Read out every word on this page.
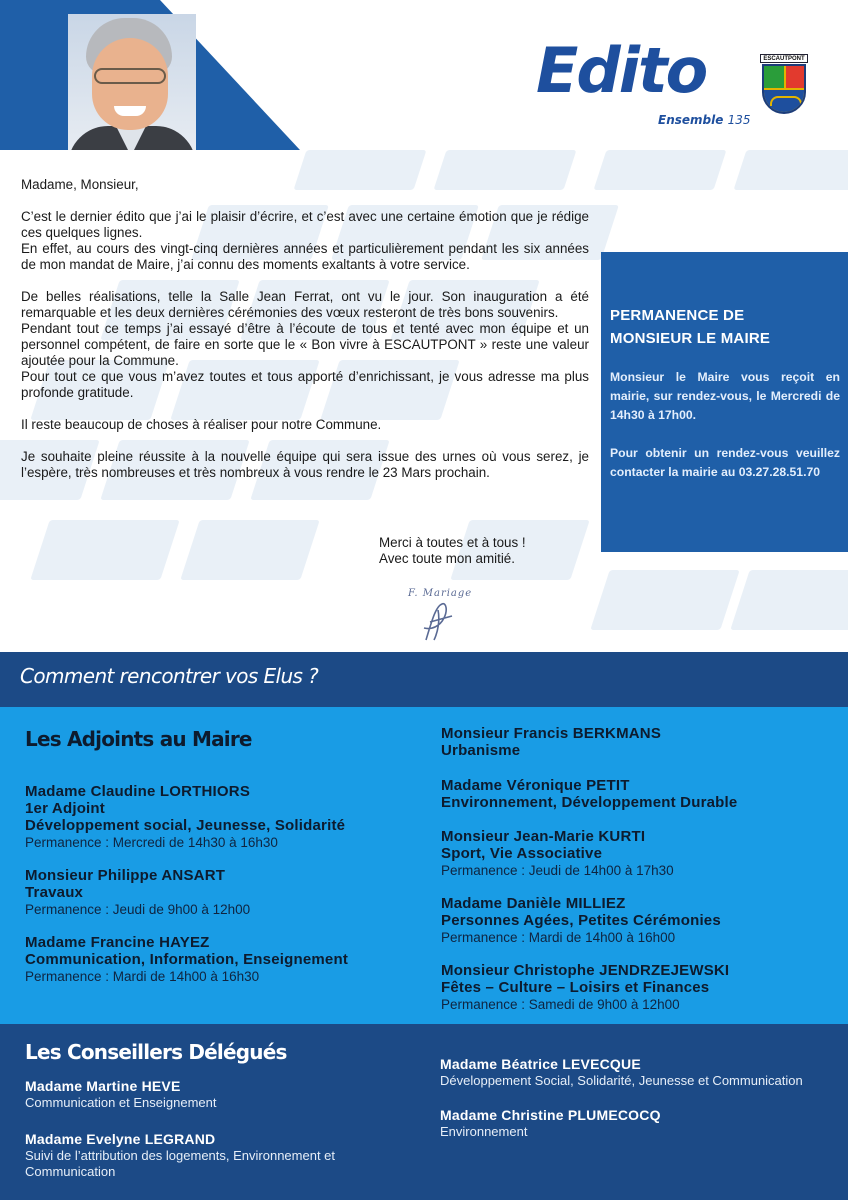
Edito
Ensemble 135
ESCAUTPONT

Madame, Monsieur,

C’est le dernier édito que j’ai le plaisir d’écrire, et c’est avec une certaine émotion que je rédige ces quelques lignes.

En effet, au cours des vingt-cinq dernières années et particulièrement pendant les six années de mon mandat de Maire, j’ai connu des moments exaltants à votre service.

De belles réalisations, telle la Salle Jean Ferrat, ont vu le jour. Son inauguration a été remarquable et les deux dernières cérémonies des vœux resteront de très bons souvenirs.

Pendant tout ce temps j’ai essayé d’être à l’écoute de tous et tenté avec mon équipe et un personnel compétent, de faire en sorte que le « Bon vivre à ESCAUTPONT » reste une valeur ajoutée pour la Commune.

Pour tout ce que vous m’avez toutes et tous apporté d’enrichissant, je vous adresse ma plus profonde gratitude.

Il reste beaucoup de choses à réaliser pour notre Commune.

Je souhaite pleine réussite à la nouvelle équipe qui sera issue des urnes où vous serez, je l’espère, très nombreuses et très nombreux à vous rendre le 23 Mars prochain.

Merci à toutes et à tous !
Avec toute mon amitié.
F. Mariage
PERMANENCE DE
MONSIEUR LE MAIRE
Monsieur le Maire vous reçoit en mairie, sur rendez-vous, le Mercredi de 14h30 à 17h00.
Pour obtenir un rendez-vous veuillez contacter la mairie au 03.27.28.51.70
Comment rencontrer vos Elus ?
Les Adjoints au Maire
Madame Claudine LORTHIORS
1er Adjoint
Développement social, Jeunesse, Solidarité
Permanence : Mercredi de 14h30 à 16h30
Monsieur Philippe ANSART
Travaux
Permanence : Jeudi de 9h00 à 12h00
Madame Francine HAYEZ
Communication, Information, Enseignement
Permanence : Mardi de 14h00 à 16h30
Monsieur Francis BERKMANS
Urbanisme
Madame Véronique PETIT
Environnement, Développement Durable
Monsieur Jean-Marie KURTI
Sport, Vie Associative
Permanence : Jeudi de 14h00 à 17h30
Madame Danièle MILLIEZ
Personnes Agées, Petites Cérémonies
Permanence : Mardi de 14h00 à 16h00
Monsieur Christophe JENDRZEJEWSKI
Fêtes – Culture – Loisirs et Finances
Permanence : Samedi de 9h00 à 12h00
Les Conseillers Délégués
Madame Martine HEVE
Communication et Enseignement
Madame Evelyne LEGRAND
Suivi de l’attribution des logements, Environnement et
Communication
Madame Béatrice LEVECQUE
Développement Social, Solidarité, Jeunesse et Communication
Madame Christine PLUMECOCQ
Environnement
